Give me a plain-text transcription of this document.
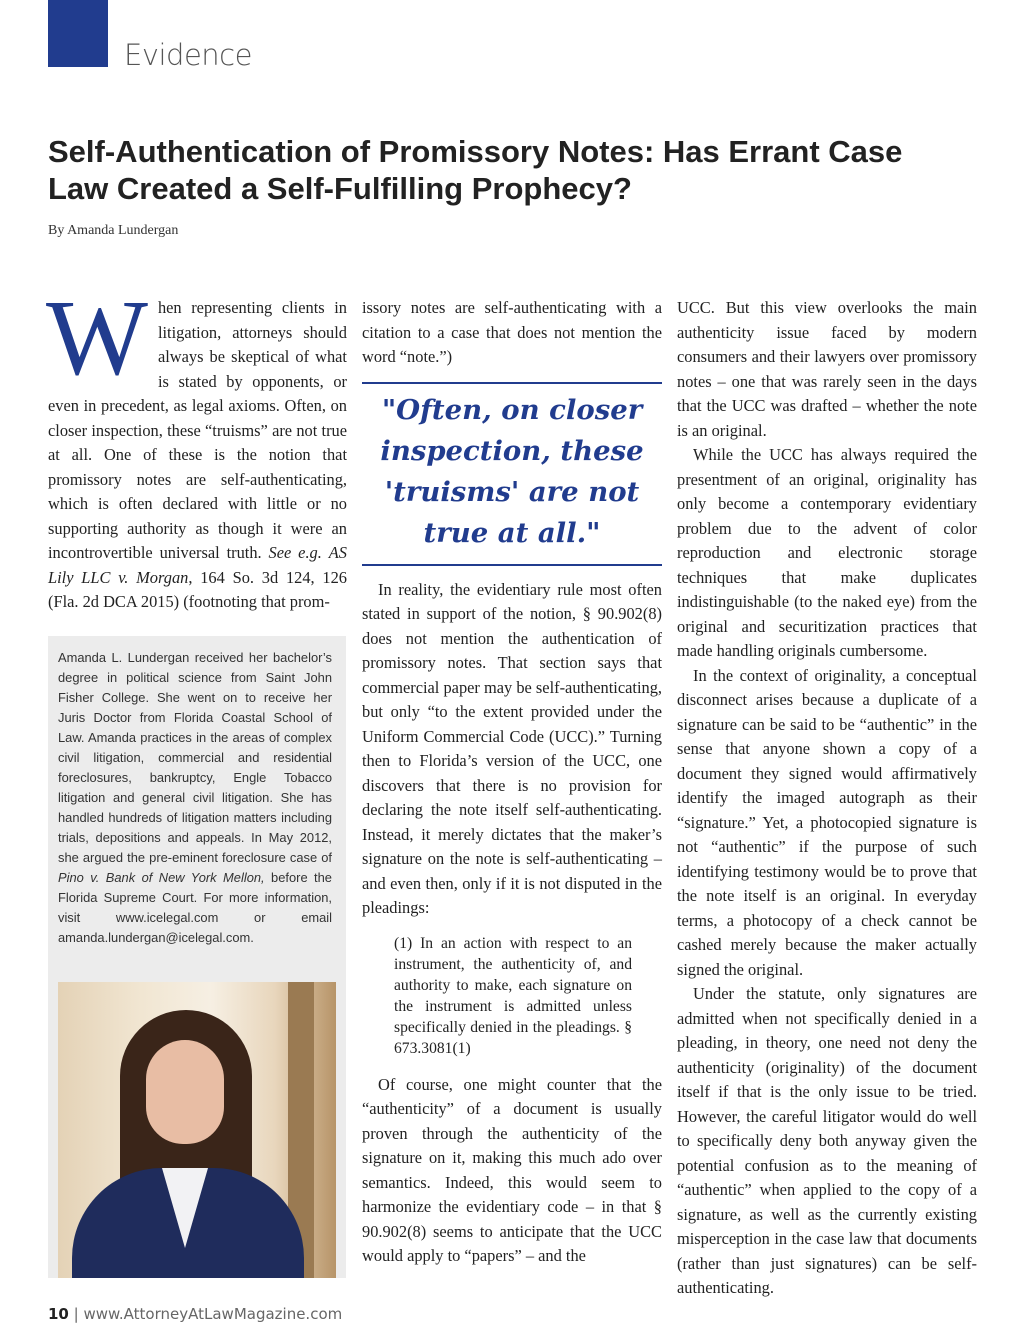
Evidence
Self-Authentication of Promissory Notes: Has Errant Case Law Created a Self-Fulfilling Prophecy?
By Amanda Lundergan

When representing clients in litigation, attorneys should always be skeptical of what is stated by opponents, or even in precedent, as legal axioms. Often, on closer inspection, these “truisms” are not true at all. One of these is the notion that promissory notes are self-authenticating, which is often declared with little or no supporting authority as though it were an incontrovertible universal truth. See e.g. AS Lily LLC v. Morgan, 164 So. 3d 124, 126 (Fla. 2d DCA 2015) (footnoting that prom-

Amanda L. Lundergan received her bachelor’s degree in political science from Saint John Fisher College. She went on to receive her Juris Doctor from Florida Coastal School of Law. Amanda practices in the areas of complex civil litigation, commercial and residential foreclosures, bankruptcy, Engle Tobacco litigation and general civil litigation. She has handled hundreds of litigation matters including trials, depositions and appeals. In May 2012, she argued the pre-eminent foreclosure case of Pino v. Bank of New York Mellon, before the Florida Supreme Court. For more information, visit www.icelegal.com or email amanda.lundergan@icelegal.com.

issory notes are self-authenticating with a citation to a case that does not mention the word “note.”)

"Often, on closer inspection, these 'truisms' are not true at all."

In reality, the evidentiary rule most often stated in support of the notion, § 90.902(8) does not mention the authentication of promissory notes. That section says that commercial paper may be self-authenticating, but only “to the extent provided under the Uniform Commercial Code (UCC).” Turning then to Florida’s version of the UCC, one discovers that there is no provision for declaring the note itself self-authenticating. Instead, it merely dictates that the maker’s signature on the note is self-authenticating – and even then, only if it is not disputed in the pleadings:

(1) In an action with respect to an instrument, the authenticity of, and authority to make, each signature on the instrument is admitted unless specifically denied in the pleadings. § 673.3081(1)

Of course, one might counter that the “authenticity” of a document is usually proven through the authenticity of the signature on it, making this much ado over semantics. Indeed, this would seem to harmonize the evidentiary code – in that § 90.902(8) seems to anticipate that the UCC would apply to “papers” – and the

UCC. But this view overlooks the main authenticity issue faced by modern consumers and their lawyers over promissory notes – one that was rarely seen in the days that the UCC was drafted – whether the note is an original.

While the UCC has always required the presentment of an original, originality has only become a contemporary evidentiary problem due to the advent of color reproduction and electronic storage techniques that make duplicates indistinguishable (to the naked eye) from the original and securitization practices that made handling originals cumbersome.

In the context of originality, a conceptual disconnect arises because a duplicate of a signature can be said to be “authentic” in the sense that anyone shown a copy of a document they signed would affirmatively identify the imaged autograph as their “signature.” Yet, a photocopied signature is not “authentic” if the purpose of such identifying testimony would be to prove that the note itself is an original. In everyday terms, a photocopy of a check cannot be cashed merely because the maker actually signed the original.

Under the statute, only signatures are admitted when not specifically denied in a pleading, in theory, one need not deny the authenticity (originality) of the document itself if that is the only issue to be tried. However, the careful litigator would do well to specifically deny both anyway given the potential confusion as to the meaning of “authentic” when applied to the copy of a signature, as well as the currently existing misperception in the case law that documents (rather than just signatures) can be self-authenticating.

10 | www.AttorneyAtLawMagazine.com
